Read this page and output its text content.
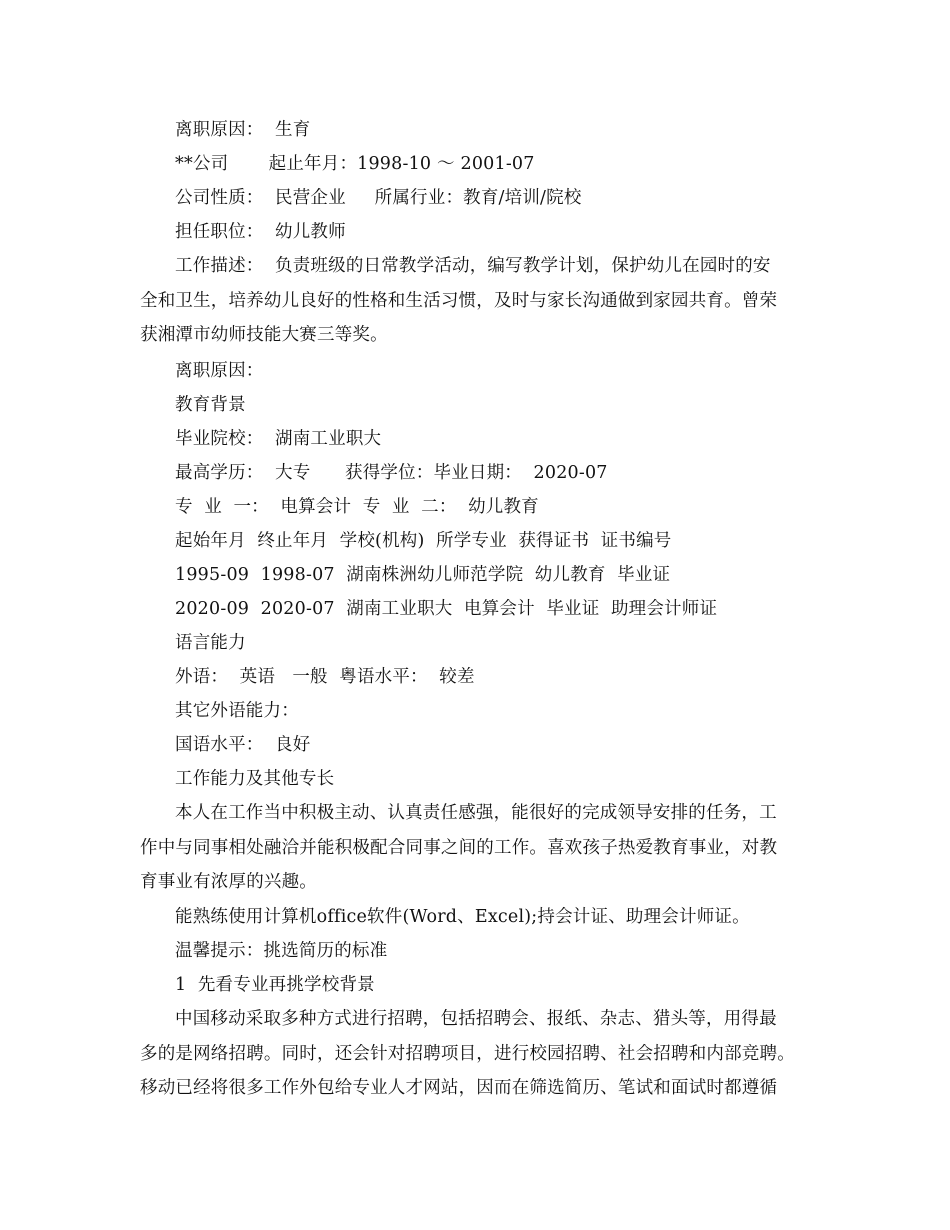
离职原因：  生育
**公司       起止年月：1998-10 ～ 2001-07
公司性质：  民营企业     所属行业：教育/培训/院校
担任职位：  幼儿教师
工作描述：  负责班级的日常教学活动，编写教学计划，保护幼儿在园时的安
全和卫生，培养幼儿良好的性格和生活习惯，及时与家长沟通做到家园共育。曾荣
获湘潭市幼师技能大赛三等奖。
离职原因：
教育背景
毕业院校：  湖南工业职大
最高学历：  大专      获得学位：毕业日期：  2020-07
专  业  一：  电算会计  专  业  二：  幼儿教育
起始年月  终止年月  学校(机构)  所学专业  获得证书  证书编号
1995-09  1998-07  湖南株洲幼儿师范学院  幼儿教育  毕业证
2020-09  2020-07  湖南工业职大  电算会计  毕业证  助理会计师证
语言能力
外语：  英语   一般  粤语水平：  较差
其它外语能力：
国语水平：  良好
工作能力及其他专长
本人在工作当中积极主动、认真责任感强，能很好的完成领导安排的任务，工
作中与同事相处融洽并能积极配合同事之间的工作。喜欢孩子热爱教育事业，对教
育事业有浓厚的兴趣。
能熟练使用计算机office软件(Word、Excel);持会计证、助理会计师证。
温馨提示：挑选简历的标准
1  先看专业再挑学校背景
中国移动采取多种方式进行招聘，包括招聘会、报纸、杂志、猎头等，用得最
多的是网络招聘。同时，还会针对招聘项目，进行校园招聘、社会招聘和内部竞聘。
移动已经将很多工作外包给专业人才网站，因而在筛选简历、笔试和面试时都遵循
